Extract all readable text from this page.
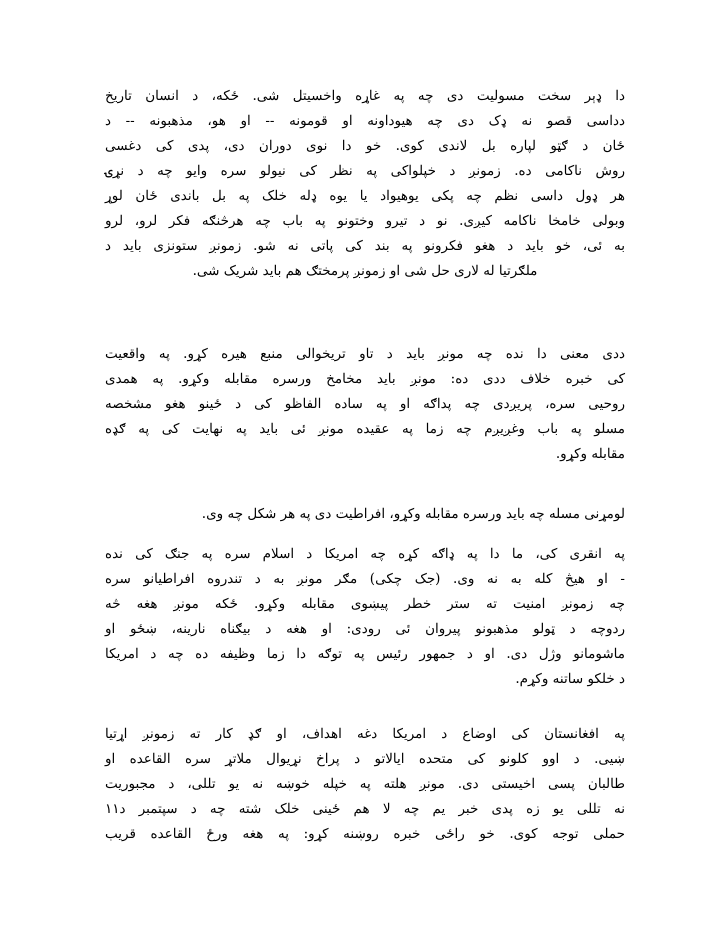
دا ډېر سخت مسولیت دی چه په غاړه واخسیتل شی. ځکه، د انسان تاریخ
دداسی قصو نه ډک دی چه هیوداونه او قومونه -- او هو، مذهبونه -- د
ځان د ګټو لپاره بل لاندی کوی. خو دا نوی دوران دی، پدی کی دغسی
روش ناکامی ده. زمونږ د خپلواکی په نظر کی نیولو سره وایو چه د نړۍ
هر ډول داسی نظم چه پکی یوهیواد یا یوه ډله خلک په بل باندی ځان لوړ
وبولی خامخا ناکامه کیږی. نو د تیرو وختونو په باب چه هرڅنګه فکر لرو، لرو
به ئی، خو باید د هغو فکرونو په بند کی پاتی نه شو. زمونږ ستونزی باید د
ملګرتیا له لاری حل شی او زمونږ پرمختګ هم باید شریک شی.
ددی معنی دا نده چه مونږ باید د تاو تریخوالی منبع هیره کړو. په واقعیت
کی خبره خلاف ددی ده: مونږ باید مخامخ ورسره مقابله وکړو. په همدی
روحیی سره، پریږدی چه پداګه او په ساده الفاظو کی د ځینو هغو مشخصه
مسلو په باب وغږیږم چه زما په عقیده مونږ ئی باید په نهایت کی په ګډه
مقابله وکړو.
لومړنی مسله چه باید ورسره مقابله وکړو، افراطیت دی په هر شکل چه وی.
په انقری کی، ما دا په ډاګه کړه چه امریکا د اسلام سره په جنګ کی نده
- او هیڅ کله به نه وی. (جک چکی) مګر مونږ به د تندروه افراطیانو سره
چه زمونږ امنیت ته ستر خطر پیښوی مقابله وکړو. ځکه مونږ هغه څه
ردوچه د ټولو مذهبونو پیروان ئی رودی: او هغه د بیګناه نارینه، ښځو او
ماشومانو وژل دی. او د جمهور رئیس په توګه دا زما وظیفه ده چه د امریکا
د خلکو ساتنه وکړم.
په افغانستان کی اوضاع د امریکا دغه اهداف، او ګډ کار ته زمونږ اړتیا
ښیی. د اوو کلونو کی متحده ایالاتو د پراخ نړیوال ملاتړ سره القاعده او
طالبان پسی اخیستی دی. مونږ هلته په خپله خوښه نه یو تللی، د مجبوریت
نه تللی یو زه پدی خبر یم چه لا هم ځینی خلک شته چه د سپتمبر د۱۱
حملی توجه کوی. خو راځی خبره روښنه کړو: په هغه ورځ القاعده قریب
